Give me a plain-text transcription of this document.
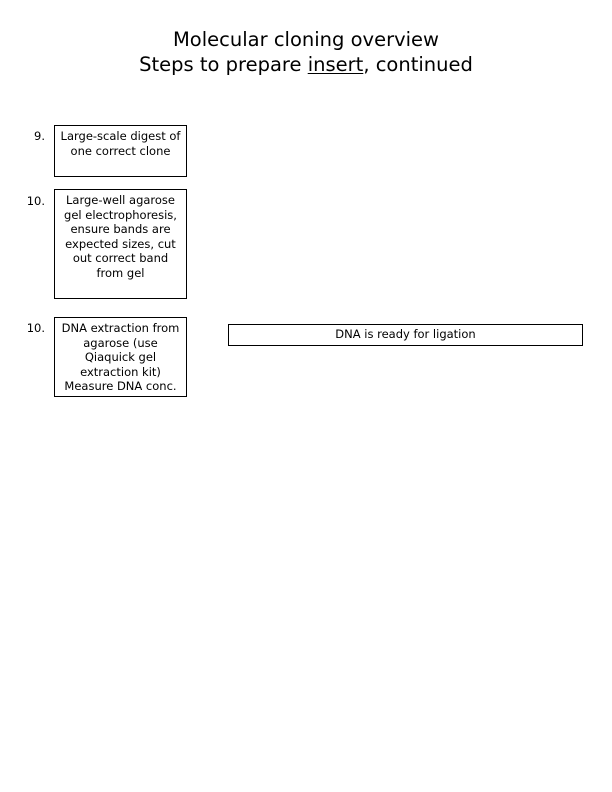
Molecular cloning overview
Steps to prepare insert, continued
9.	Large-scale digest of one correct clone
10.	Large-well agarose gel electrophoresis, ensure bands are expected sizes, cut out correct band from gel
10.	DNA extraction from agarose (use Qiaquick gel extraction kit) Measure DNA conc.
DNA is ready for ligation
